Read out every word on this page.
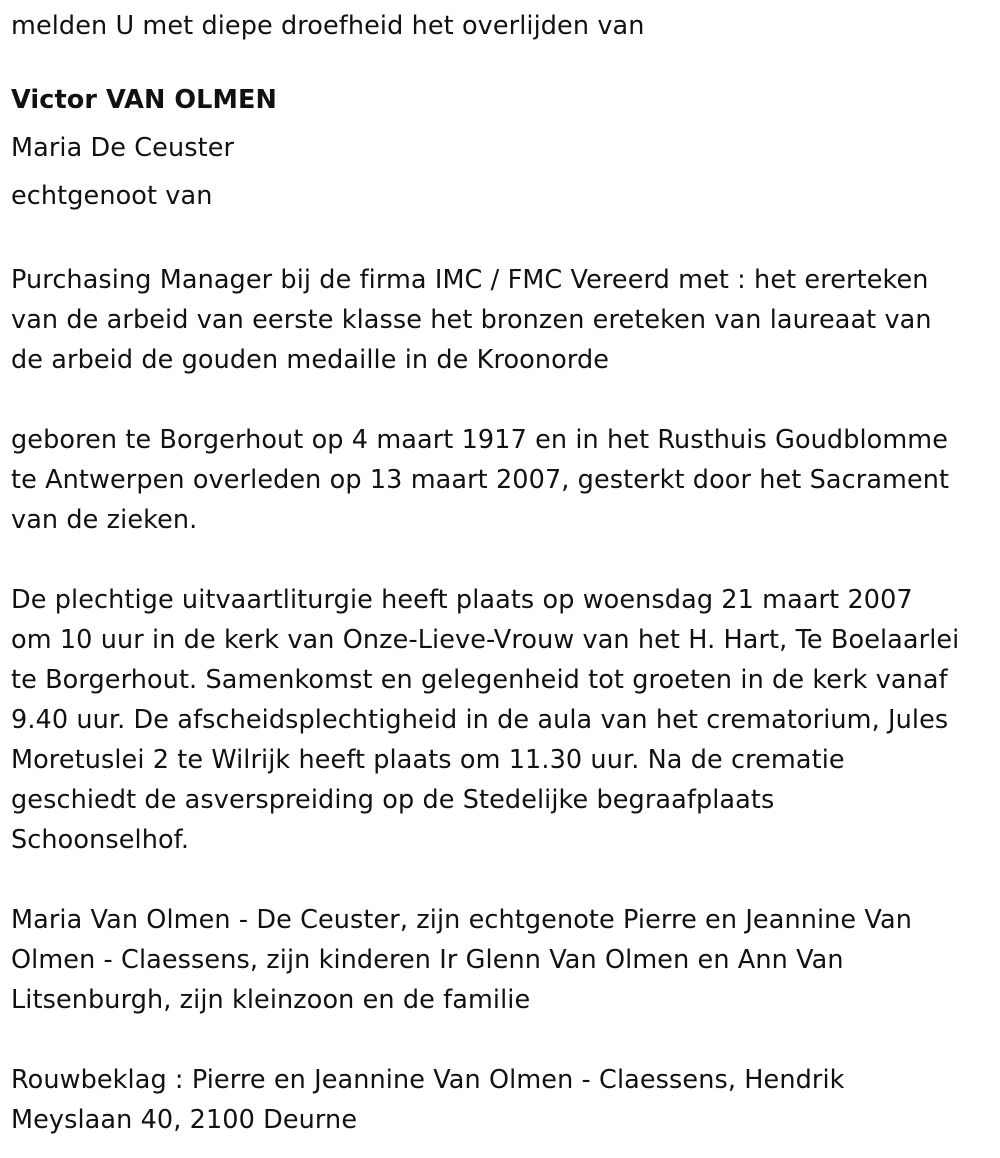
melden U met diepe droefheid het overlijden van

Victor VAN OLMEN

Maria De Ceuster

echtgenoot van

Purchasing Manager bij de firma IMC / FMC Vereerd met : het ererteken

van de arbeid van eerste klasse het bronzen ereteken van laureaat van

de arbeid de gouden medaille in de Kroonorde

geboren te Borgerhout op 4 maart 1917 en in het Rusthuis Goudblomme

te Antwerpen overleden op 13 maart 2007, gesterkt door het Sacrament

van de zieken.

De plechtige uitvaartliturgie heeft plaats op woensdag 21 maart 2007

om 10 uur in de kerk van Onze-Lieve-Vrouw van het H. Hart, Te Boelaarlei

te Borgerhout. Samenkomst en gelegenheid tot groeten in de kerk vanaf

9.40 uur. De afscheidsplechtigheid in de aula van het crematorium, Jules

Moretuslei 2 te Wilrijk heeft plaats om 11.30 uur. Na de crematie

geschiedt de asverspreiding op de Stedelijke begraafplaats

Schoonselhof.

Maria Van Olmen - De Ceuster, zijn echtgenote Pierre en Jeannine Van

Olmen - Claessens, zijn kinderen Ir Glenn Van Olmen en Ann Van

Litsenburgh, zijn kleinzoon en de familie

Rouwbeklag : Pierre en Jeannine Van Olmen - Claessens, Hendrik

Meyslaan 40, 2100 Deurne
